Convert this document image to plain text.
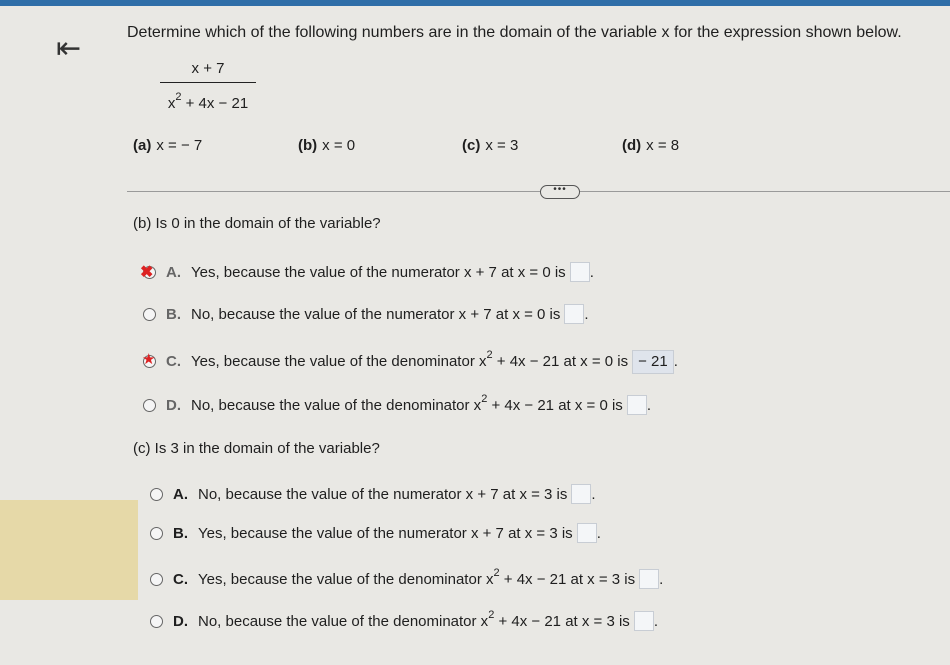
⇤	Determine which of the following numbers are in the domain of the variable x for the expression shown below.
x + 7
$x^2 + 4x - 21$
(a) x = − 7	(b) x = 0	(c) x = 3	(d) x = 8
•••
(b) Is 0 in the domain of the variable?
✖ A. Yes, because the value of the numerator x + 7 at x = 0 is .
B. No, because the value of the numerator x + 7 at x = 0 is .
★ C. Yes, because the value of the denominator $x^2 + 4x - 21$ at x = 0 is − 21 .
D. No, because the value of the denominator $x^2 + 4x - 21$ at x = 0 is .
(c) Is 3 in the domain of the variable?
A. No, because the value of the numerator x + 7 at x = 3 is .
B. Yes, because the value of the numerator x + 7 at x = 3 is .
C. Yes, because the value of the denominator $x^2 + 4x - 21$ at x = 3 is .
D. No, because the value of the denominator $x^2 + 4x - 21$ at x = 3 is .
